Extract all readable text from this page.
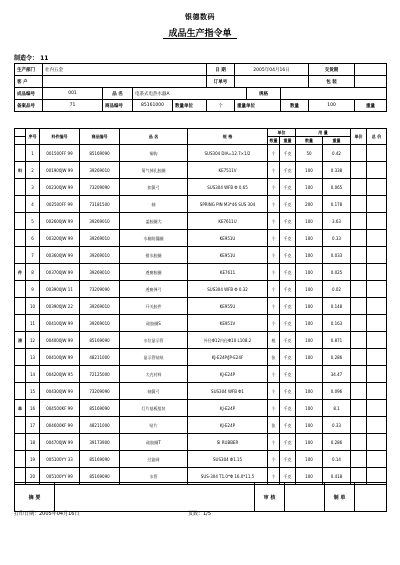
银德数码
成品生产指令单
制造令： 11
生产部门	社内五金				日 期	2005年04月16日			交货期	
客 户					订单号				包 装	
成品编号	001	品 名	电茶式电热水器A				规格			
备案品号	71	商品编号	85161000	数量单位	个	重量单位		数量	100	重量
	序号	料件编号	商品编号	品 名	规 格	单位		用 量		单价	总 价
						数量	重量	数量	重量		
	1	001500FF 99	85169090	铜钩	SUS304 DIA=12.7×1/2	个	千克	50	0.42		
料	2	001900JW 99	39269010	菊气掉孔胶圈	KE7511V	个	千克	100	0.338		
	3	002300JW 99	73209090	扣簧弓	SUS304 WFB Φ 0.65	个	千克	100	0.065		
	4	002500FF 99	73181500	轴	SPRING PIN M3*46 SUS 304	个	千克	200	0.178		
	5	002600JW 99	39269010	盖胶圈大	KE7611U	个	千克	100	3.63		
	6	003200JW 99	39269010	水箱防漏圈	KE951U	个	千克	100	0.33		
	7	003600JW 99	39269010	排水胶圈	KE951U	个	千克	100	0.033		
件	8	003700JW 99	39269010	透窗胶圈	KE7611	个	千克	100	0.025		
	9	003900JW 11	73209090	透窗弹弓	SUS304 WFB Φ 0.32	个	千克	100	0.02		
	10	003900JW 22	39269010	开关胶件	KE955U	个	千克	100	0.148		
	11	004100JW 99	39269010	硅胶圈S	KE951V	个	千克	100	0.163		
清	12	004000JW 99	85169090	水位显示管	外径Φ12内径Φ10 L108.2	根	千克	100	0.871		
	13	004100JW 99	48211000	显示管贴纸	KJ-E24P/JP-E24F	张	千克	100	0.286		
	14	004200JW 95	72125000	大壳衬料	KJ-E24P	个	千克		34.47		
	15	004300JW 99	73209090	轴簧弓	SUS304 WFB Φ1	个	千克	100	0.096		
单	16	004500KF 99	85169090	灯片基板组装	KJ-E24P	个	千克	100	8.1		
	17	004600KF 99	48211000	贴片	KJ-E24P	张	千克	100	0.33		
	18	004700JW 99	39173900	硅胶圈T	SI RUBBER	个	千克	100	0.286		
	19	005100YY 33	85169090	过滤网	SUS304 Φ1.15	个	千克	100	0.14		
	20	005100YY 99	85169090	水管	SUS-304 T1.0*Φ 16.0*11.5	个	千克	100	0.418		
摘 要		审 核		制 单	
打印日期：2005年04月16日	页数：1/5
